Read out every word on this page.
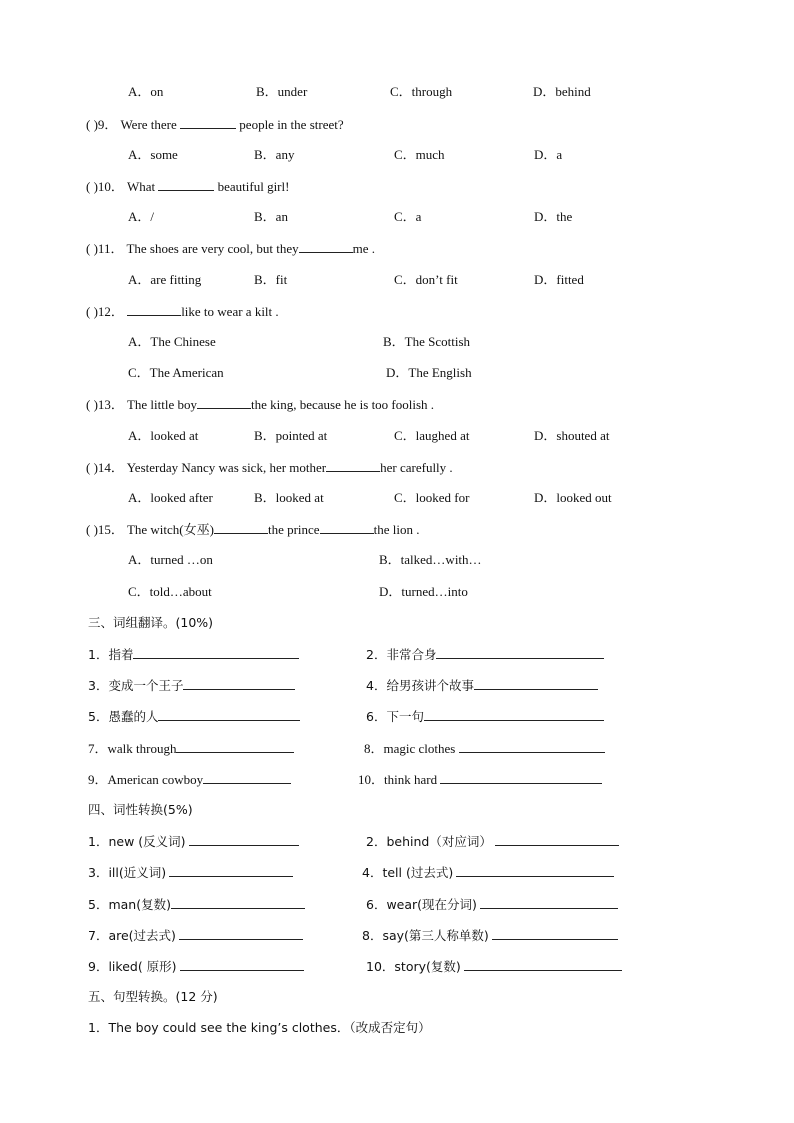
A．on	B．under	C．through	D．behind
( )9． Were there	people in the street?
A．some	B．any	C．much	D．a
( )10． What	beautiful girl!
A．/	B．an	C．a	D．the
( )11． The shoes are very cool, but they	me .
A．are fitting	B．fit	C．don’t fit	D．fitted
( )12．	like to wear a kilt .
A．The Chinese	B．The Scottish
C．The American	D．The English
( )13． The little boy	the king, because he is too foolish .
A．looked at	B．pointed at	C．laughed at	D．shouted at
( )14． Yesterday Nancy was sick, her mother	her carefully .
A．looked after	B．looked at	C．looked for	D．looked out
( )15． The witch(女巫)	the prince	the lion .
A．turned …on	B．talked…with…
C．told…about	D．turned…into
三、词组翻译。(10%)
1．指着	2．非常合身
3．变成一个王子	4．给男孩讲个故事
5．愚蠢的人	6．下一句
7．walk through	8．magic clothes
9．American cowboy	10．think hard
四、词性转换(5%)
1．new (反义词)	2．behind（对应词）
3．ill(近义词)	4．tell (过去式)
5．man(复数)	6．wear(现在分词)
7．are(过去式)	8．say(第三人称单数)
9．liked( 原形)	10．story(复数)
五、句型转换。(12 分)
1．The boy could see the king’s clothes．（改成否定句）
